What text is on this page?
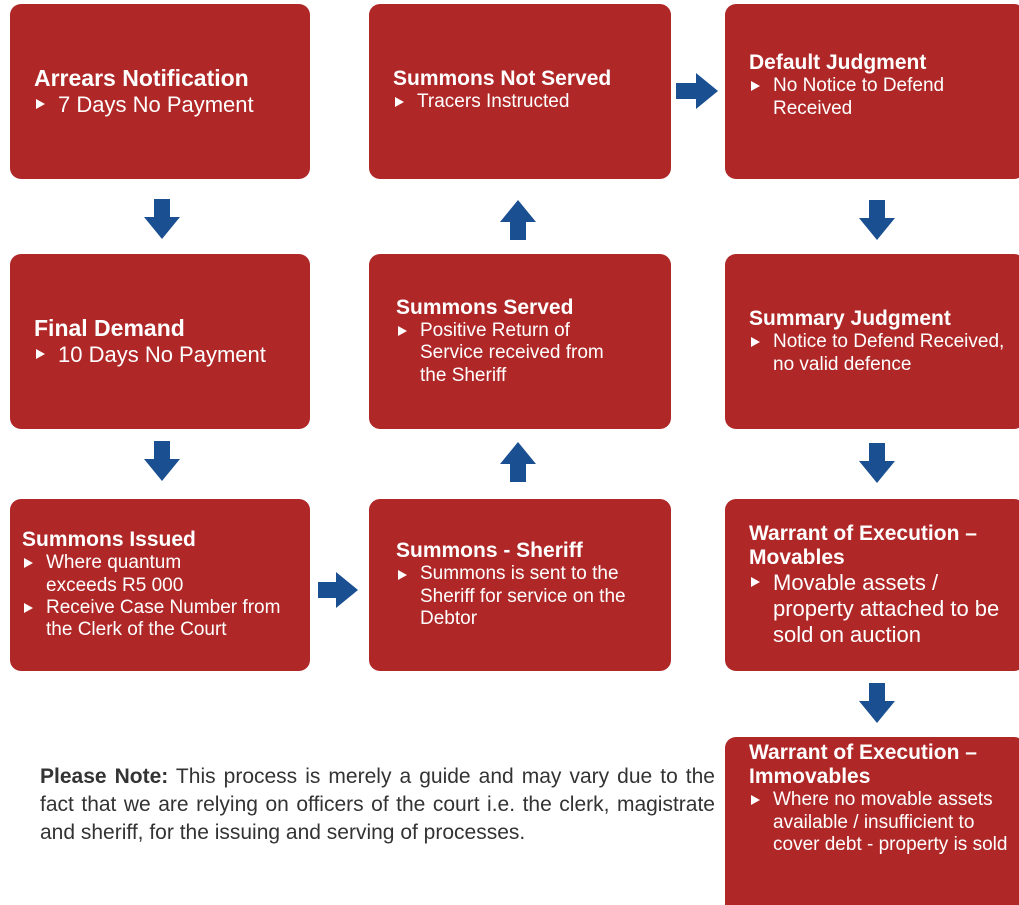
Arrears Notification

7 Days No Payment

Final Demand

10 Days No Payment

Summons Issued

Where quantum exceeds R5 000
Receive Case Number from the Clerk of the Court

Summons Not Served

Tracers Instructed

Summons Served

Positive Return of Service received from the Sheriff

Summons - Sheriff

Summons is sent to the Sheriff for service on the Debtor

Default Judgment

No Notice to Defend Received

Summary Judgment

Notice to Defend Received, no valid defence

Warrant of Execution – Movables

Movable assets / property attached to be sold on auction

Warrant of Execution – Immovables

Where no movable assets available / insufficient to cover debt - property is sold

Please Note: This process is merely a guide and may vary due to the fact that we are relying on officers of the court i.e. the clerk, magistrate and sheriff, for the issuing and serving of processes.
